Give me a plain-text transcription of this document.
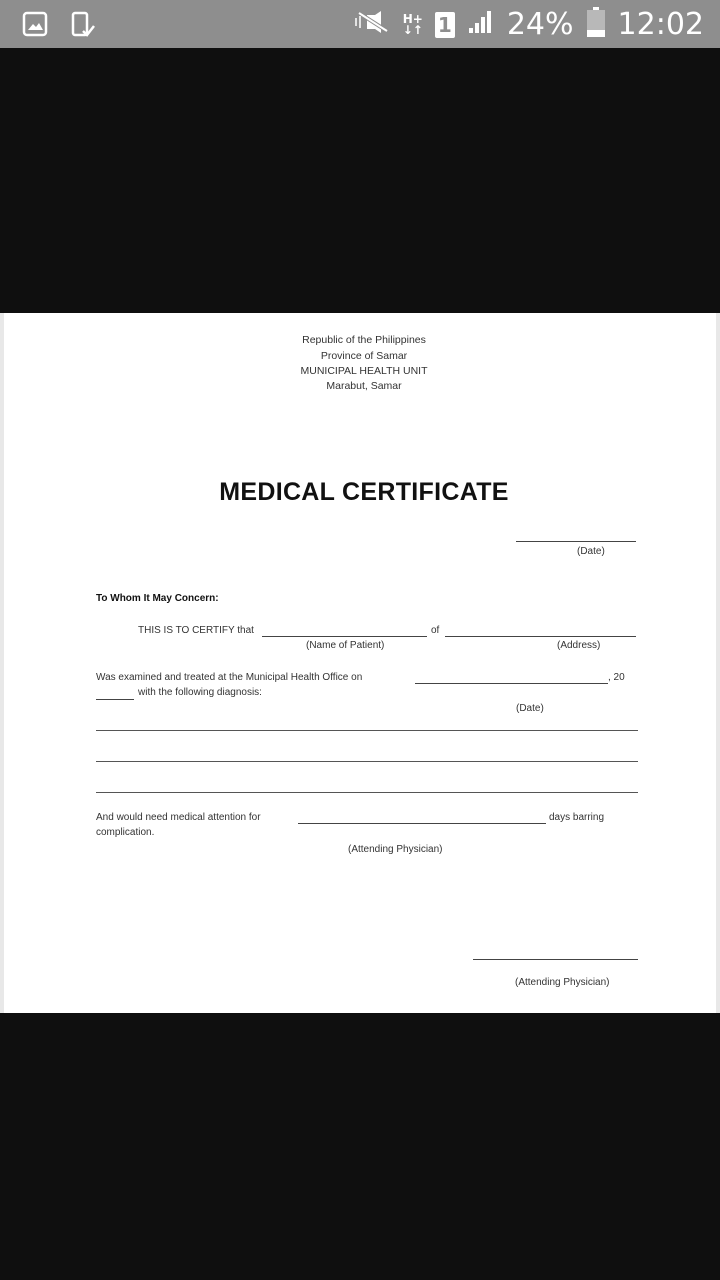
H+
↓↑ 1 24% 12:02
Republic of the Philippines
Province of Samar
MUNICIPAL HEALTH UNIT
Marabut, Samar
MEDICAL CERTIFICATE
(Date)
To Whom It May Concern:
THIS IS TO CERTIFY that	of
(Name of Patient)	(Address)
Was examined and treated at the Municipal Health Office on	, 20
with the following diagnosis:
(Date)
And would need medical attention for	days barring
complication.
(Attending Physician)
(Attending Physician)
